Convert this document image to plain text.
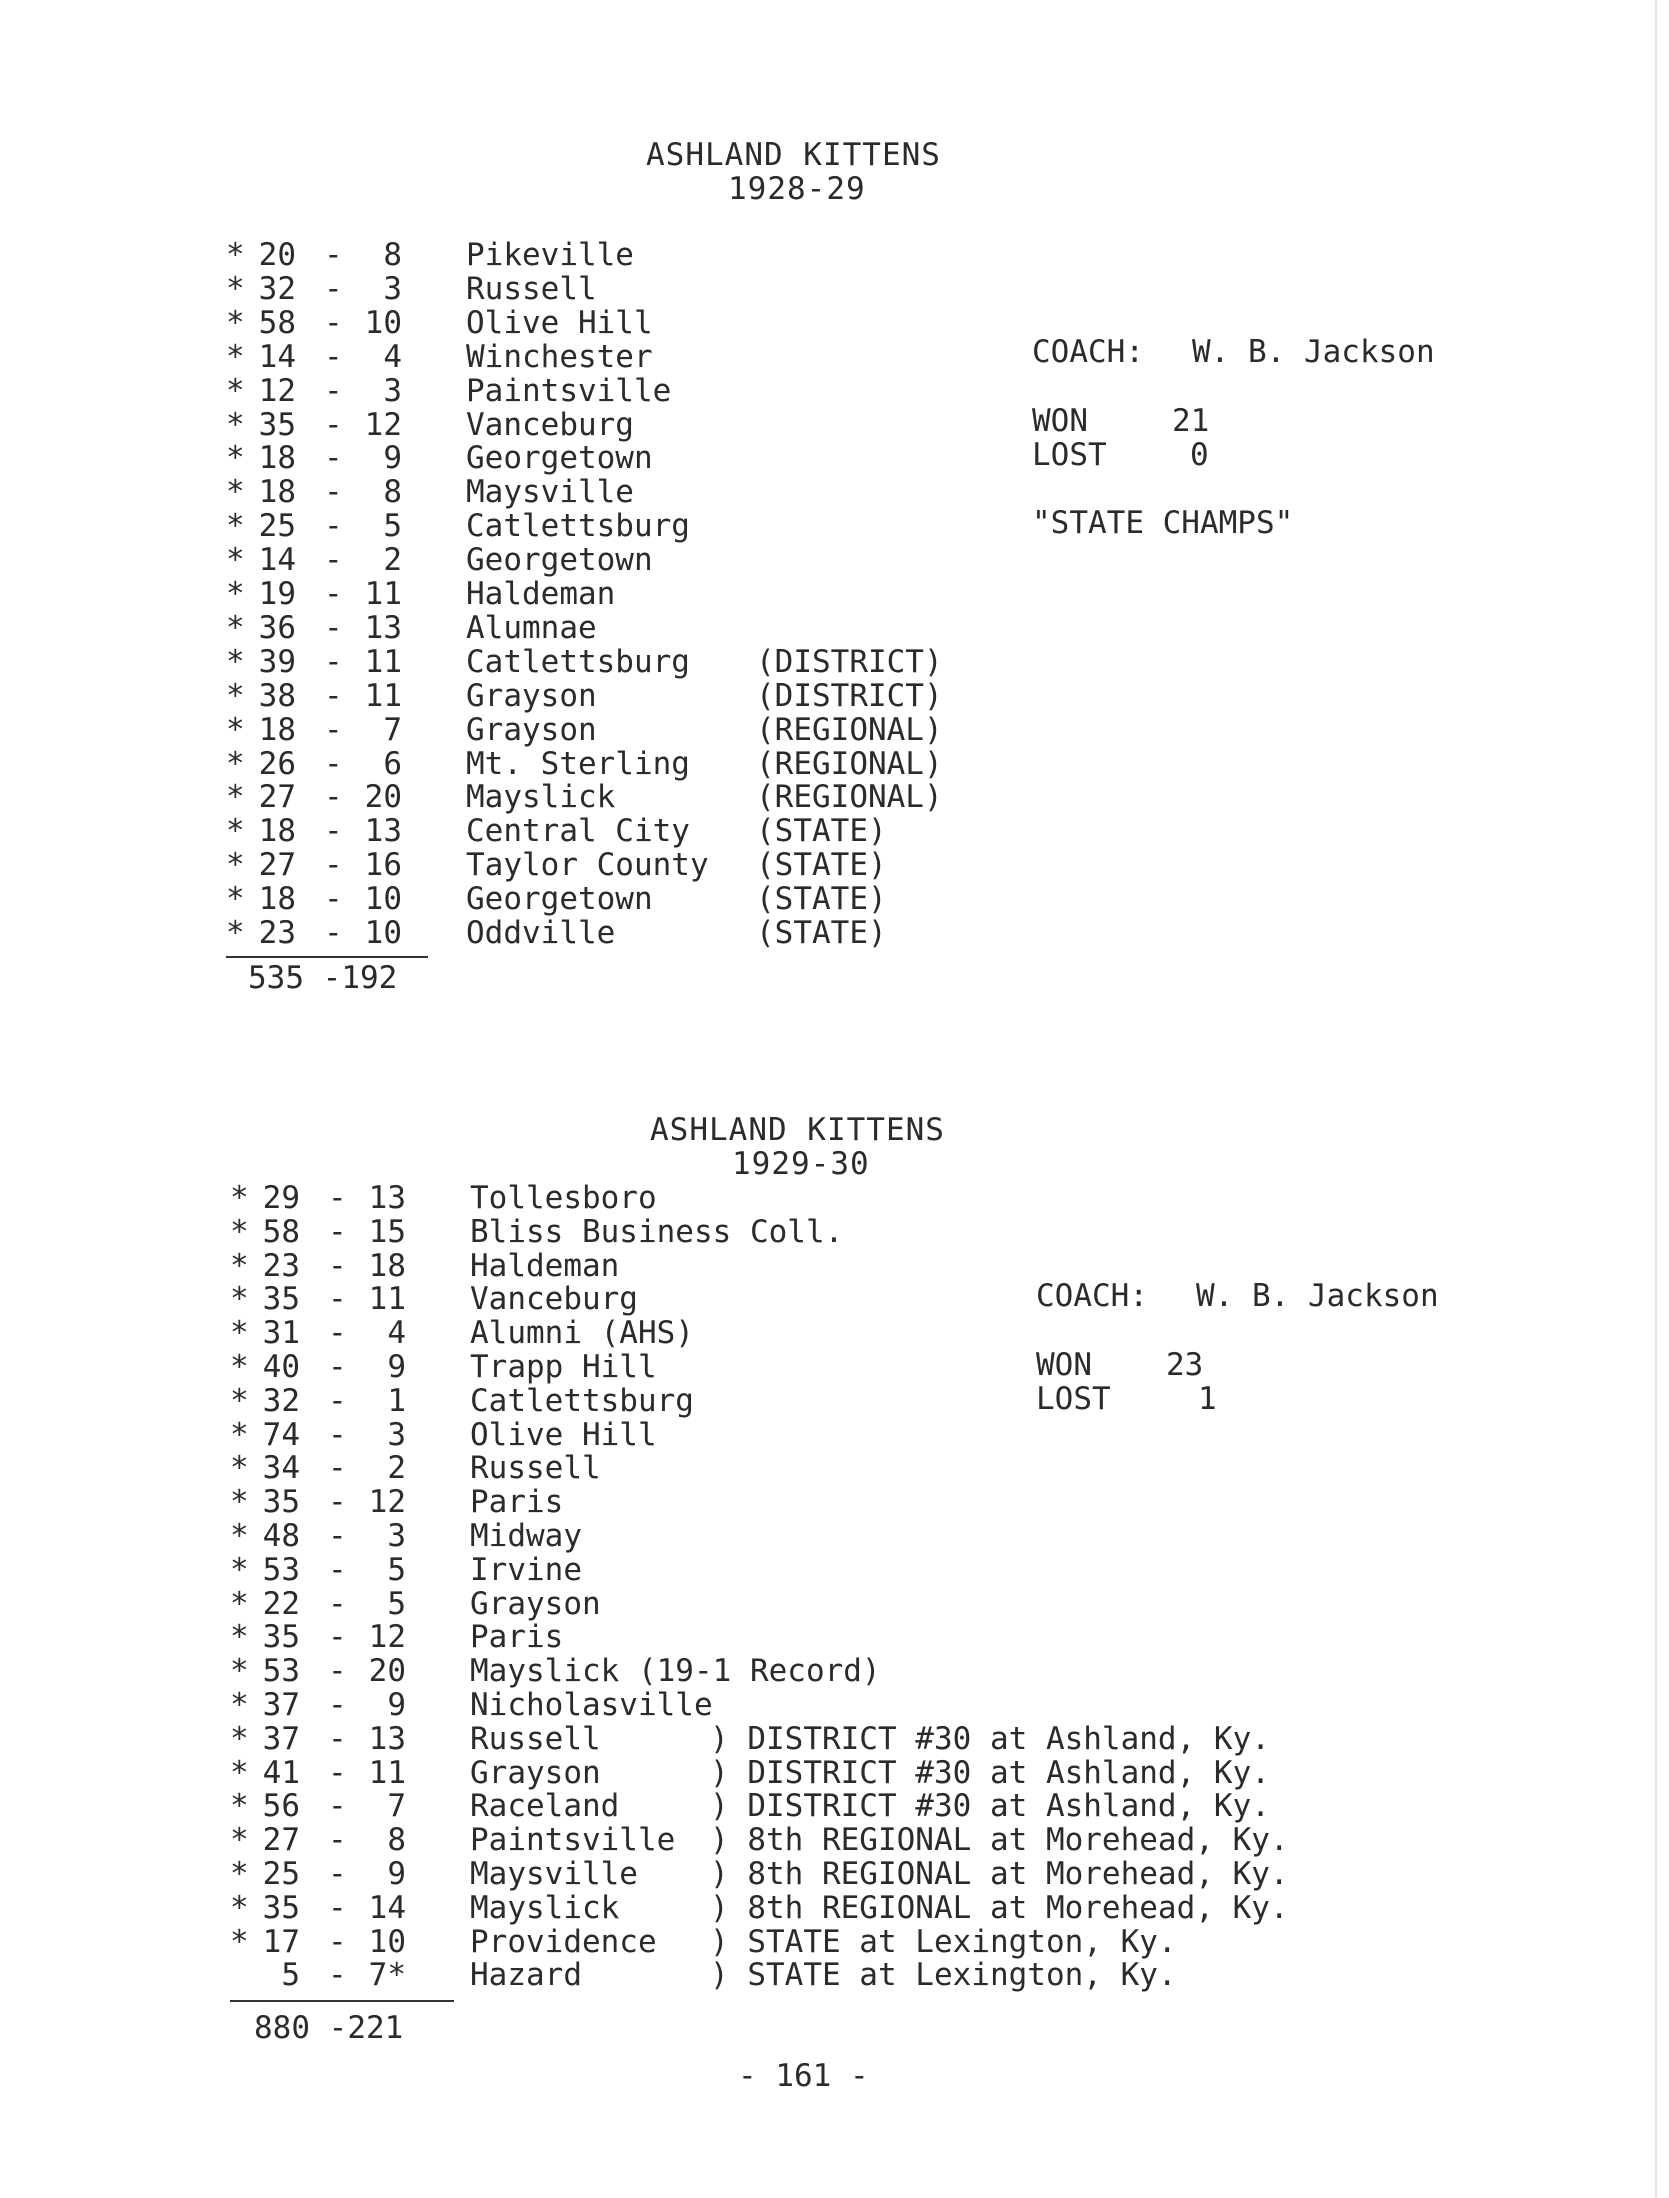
ASHLAND KITTENS
1928-29
* 20 -	8 Pikeville
* 32 -	3 Russell
* 58 - 10 Olive Hill
* 14 -	4 Winchester
* 12 -	3 Paintsville
* 35 - 12 Vanceburg
* 18 -	9 Georgetown
* 18 -	8 Maysville
* 25 -	5 Catlettsburg
* 14 -	2 Georgetown
* 19 - 11 Haldeman
* 36 - 13 Alumnae
* 39 - 11 Catlettsburg (DISTRICT)
* 38 - 11 Grayson	(DISTRICT)
* 18 -	7 Grayson	(REGIONAL)
* 26 -	6 Mt. Sterling (REGIONAL)
* 27 - 20 Mayslick	(REGIONAL)
* 18 - 13 Central City (STATE)
* 27 - 16 Taylor County (STATE)
* 18 - 10 Georgetown	(STATE)
* 23 - 10 Oddville	(STATE)
535 -192
COACH: W. B. Jackson
WON	21
LOST	0
"STATE CHAMPS"
ASHLAND KITTENS
1929-30
* 29 - 13 Tollesboro
* 58 - 15 Bliss Business Coll.
* 23 - 18 Haldeman
* 35 - 11 Vanceburg
* 31 -	4 Alumni (AHS)
* 40 -	9 Trapp Hill
* 32 -	1 Catlettsburg
* 74 -	3 Olive Hill
* 34 -	2 Russell
* 35 - 12 Paris
* 48 -	3 Midway
* 53 -	5 Irvine
* 22 -	5 Grayson
* 35 - 12 Paris
* 53 - 20 Mayslick (19-1 Record)
* 37 -	9 Nicholasville
* 37 - 13 Russell	) DISTRICT #30 at Ashland, Ky.
* 41 - 11 Grayson	) DISTRICT #30 at Ashland, Ky.
* 56 -	7 Raceland	) DISTRICT #30 at Ashland, Ky.
* 27 -	8 Paintsville ) 8th REGIONAL at Morehead, Ky.
* 25 -	9 Maysville ) 8th REGIONAL at Morehead, Ky.
* 35 - 14 Mayslick	) 8th REGIONAL at Morehead, Ky.
* 17 - 10 Providence ) STATE at Lexington, Ky.
5 - 7* Hazard	) STATE at Lexington, Ky.
880 -221
COACH: W. B. Jackson
WON 23
LOST	1
- 161 -
